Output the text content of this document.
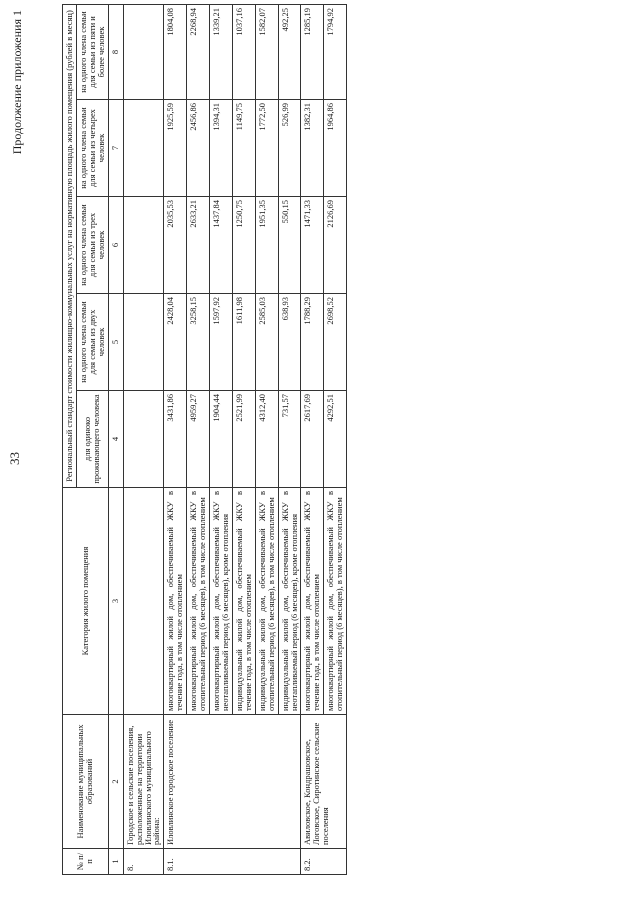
33
Продолжение приложения 1
№ п/п	Наименование муниципальных образований	Категория жилого помещения	Региональный стандарт стоимости жилищно-коммунальных услуг на нормативную площадь жилого помещения (рублей в месяц)				
			для одиноко проживающего человека	на одного члена семьи для семьи из двух человек	на одного члена семьи для семьи из трех человек	на одного члена семьи для семьи из четырех человек	на одного члена семьи для семьи из пяти и более человек
1	2	3	4	5	6	7	8
8.	Городское и сельские поселения, расположенные на территории Иловлинского муниципального района:						
8.1.	Иловлинское городское поселение	многоквартирный жилой дом, обеспечиваемый ЖКУ в течение года, в том числе отоплением	3431,86	2428,04	2035,53	1925,59	1804,08
		многоквартирный жилой дом, обеспечиваемый ЖКУ в отопительный период (6 месяцев), в том числе отоплением	4959,27	3258,15	2633,21	2456,86	2268,94
		многоквартирный жилой дом, обеспечиваемый ЖКУ в неотапливаемый период (6 месяцев), кроме отопления	1904,44	1597,92	1437,84	1394,31	1339,21
		индивидуальный жилой дом, обеспечиваемый ЖКУ в течение года, в том числе отоплением	2521,99	1611,98	1250,75	1149,75	1037,16
		индивидуальный жилой дом, обеспечиваемый ЖКУ в отопительный период (6 месяцев), в том числе отоплением	4312,40	2585,03	1951,35	1772,50	1582,07
		индивидуальный жилой дом, обеспечиваемый ЖКУ в неотапливаемый период (6 месяцев), кроме отопления	731,57	638,93	550,15	526,99	492,25
8.2.	Авиловское, Кондрашовское, Логовское, Сиротинское сельские поселения	многоквартирный жилой дом, обеспечиваемый ЖКУ в течение года, в том числе отоплением	2617,69	1788,29	1471,33	1382,31	1285,19
		многоквартирный жилой дом, обеспечиваемый ЖКУ в отопительный период (6 месяцев), в том числе отоплением	4292,51	2698,52	2126,69	1964,86	1794,92
